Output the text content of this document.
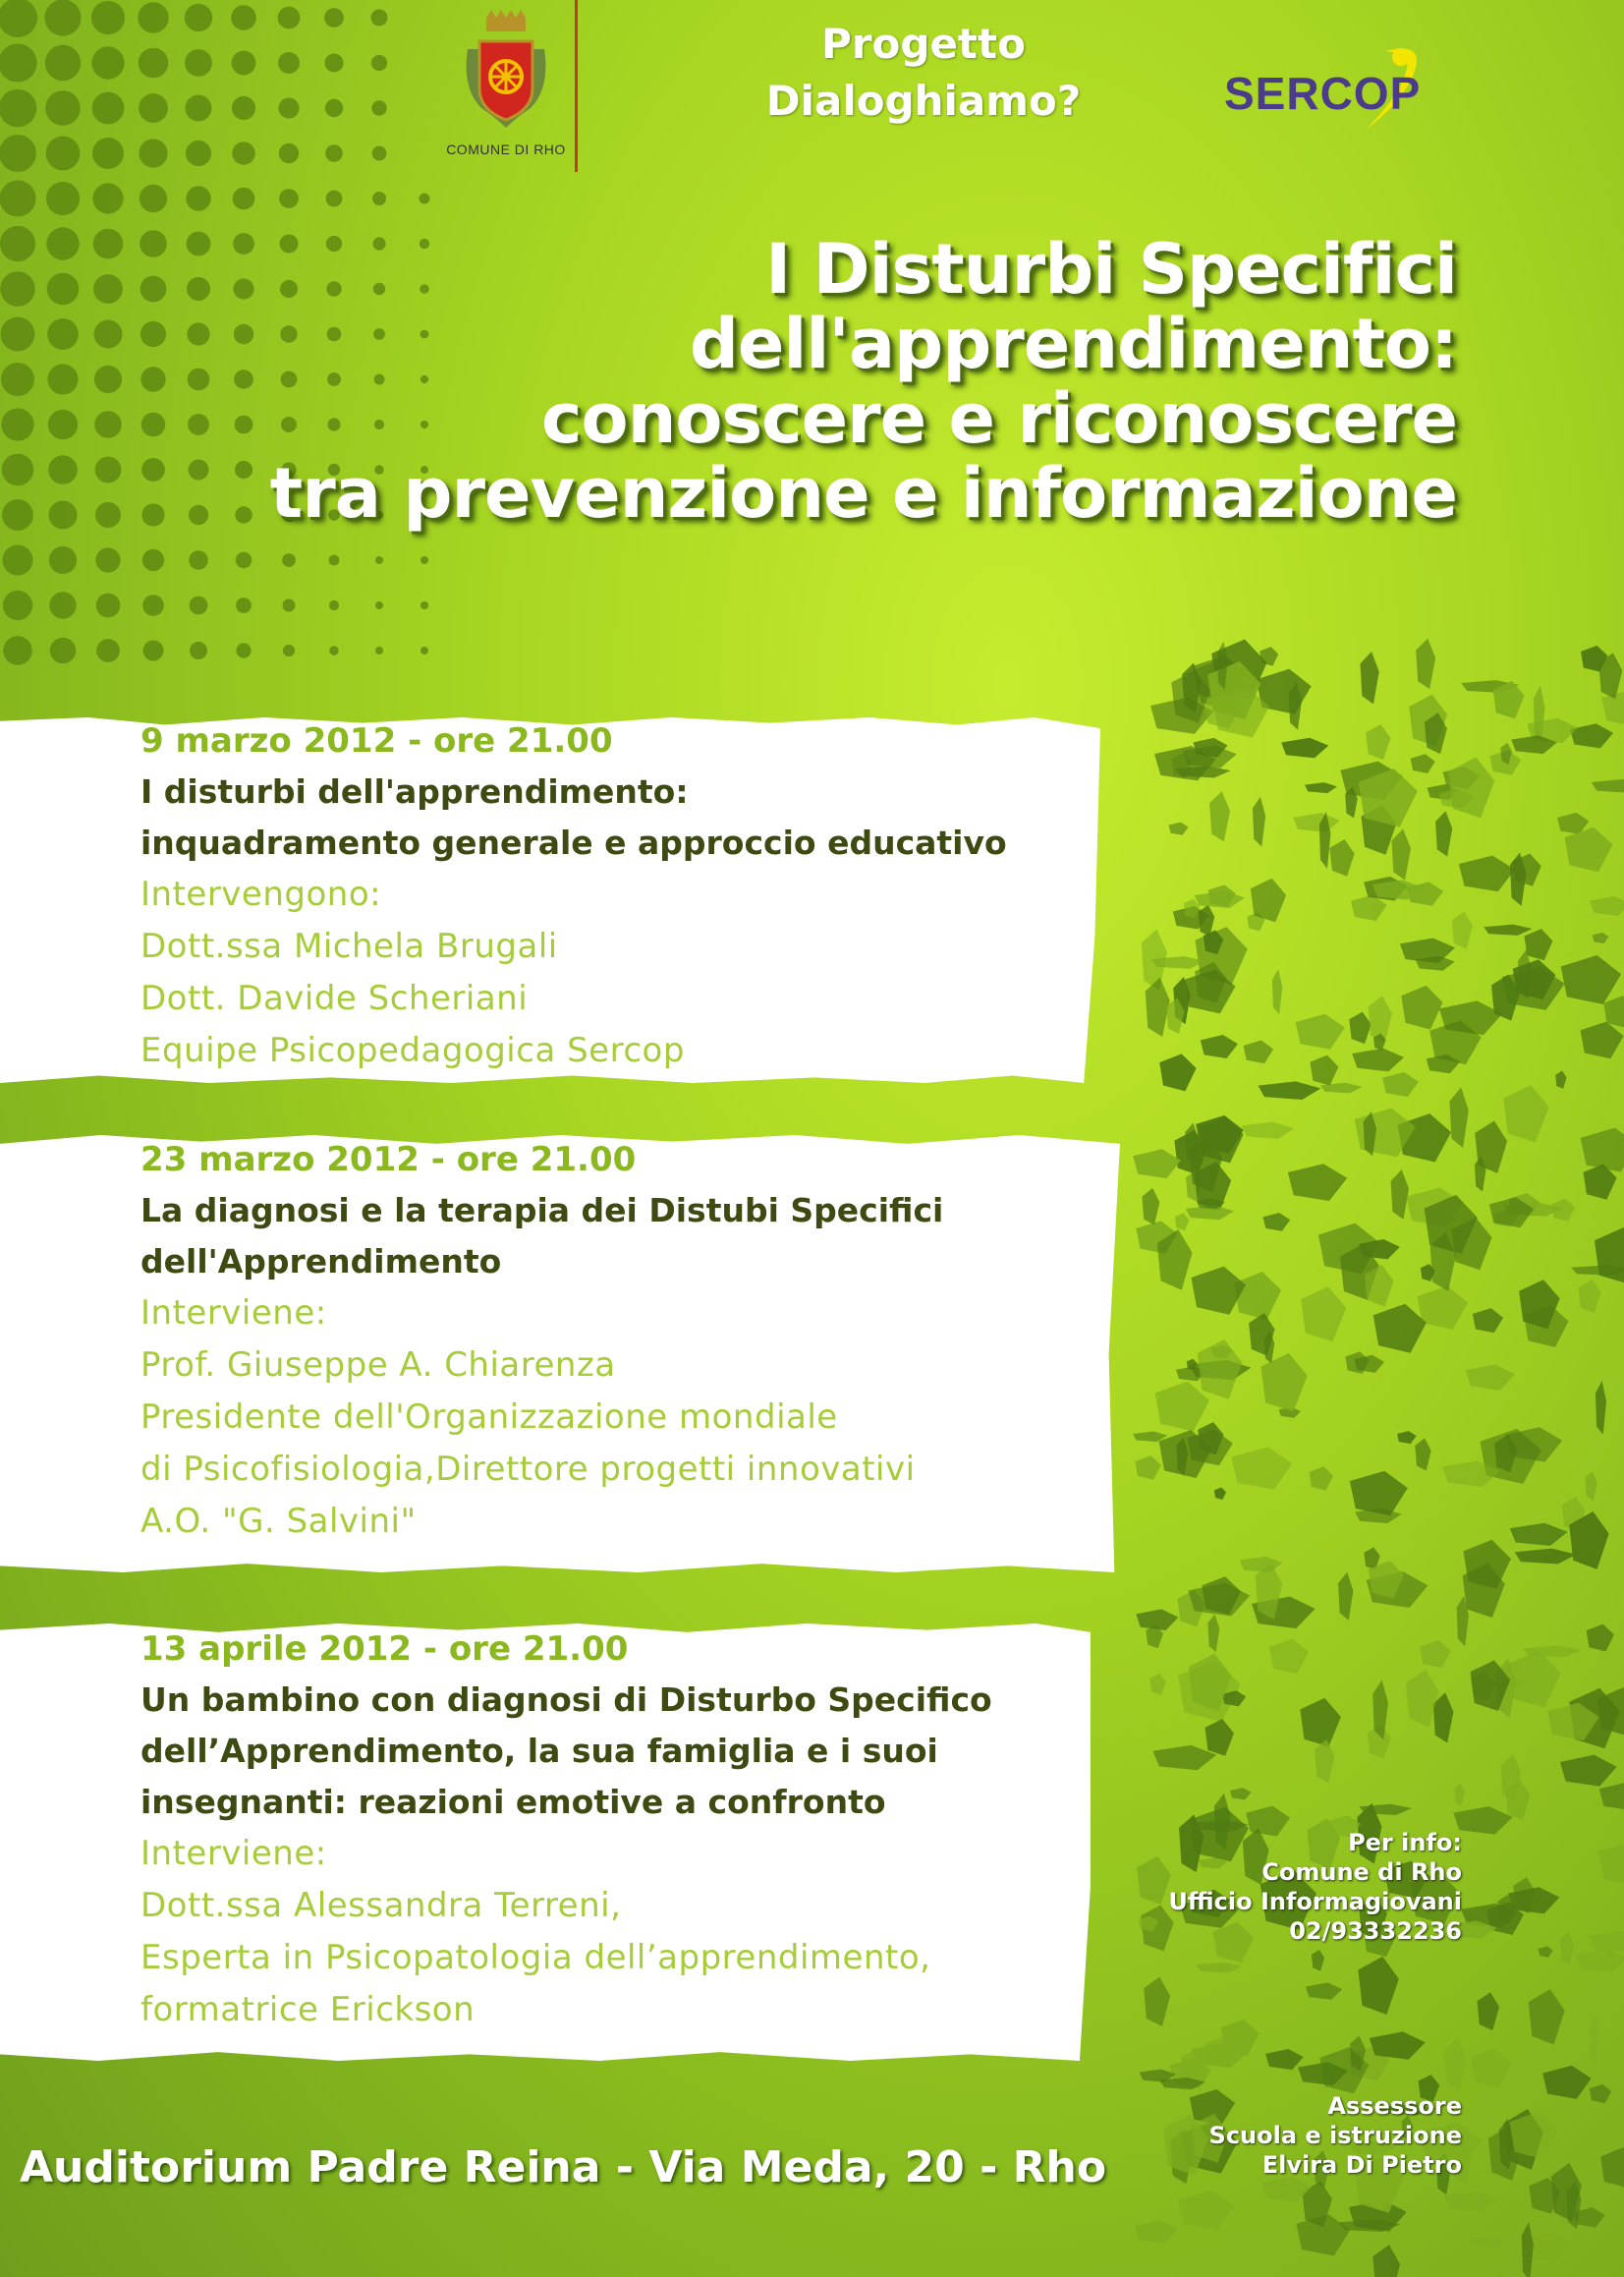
COMUNE DI RHO
Progetto
Dialoghiamo?	SERCOP
I Disturbi Specifici
dell'apprendimento:
conoscere e riconoscere
tra prevenzione e informazione
9 marzo 2012 - ore 21.00
I disturbi dell'apprendimento:
inquadramento generale e approccio educativo
Intervengono:
Dott.ssa Michela Brugali
Dott. Davide Scheriani
Equipe Psicopedagogica Sercop
23 marzo 2012 - ore 21.00
La diagnosi e la terapia dei Distubi Specifici
dell'Apprendimento
Interviene:
Prof. Giuseppe A. Chiarenza
Presidente dell'Organizzazione mondiale
di Psicofisiologia,Direttore progetti innovativi
A.O. "G. Salvini"
13 aprile 2012 - ore 21.00
Un bambino con diagnosi di Disturbo Specifico
dell’Apprendimento, la sua famiglia e i suoi
insegnanti: reazioni emotive a confronto
Interviene:
Dott.ssa Alessandra Terreni,
Esperta in Psicopatologia dell’apprendimento,
formatrice Erickson
Per info:
Comune di Rho
Ufficio Informagiovani
02/93332236
Assessore
Scuola e istruzione
Elvira Di Pietro
Auditorium Padre Reina - Via Meda, 20 - Rho
